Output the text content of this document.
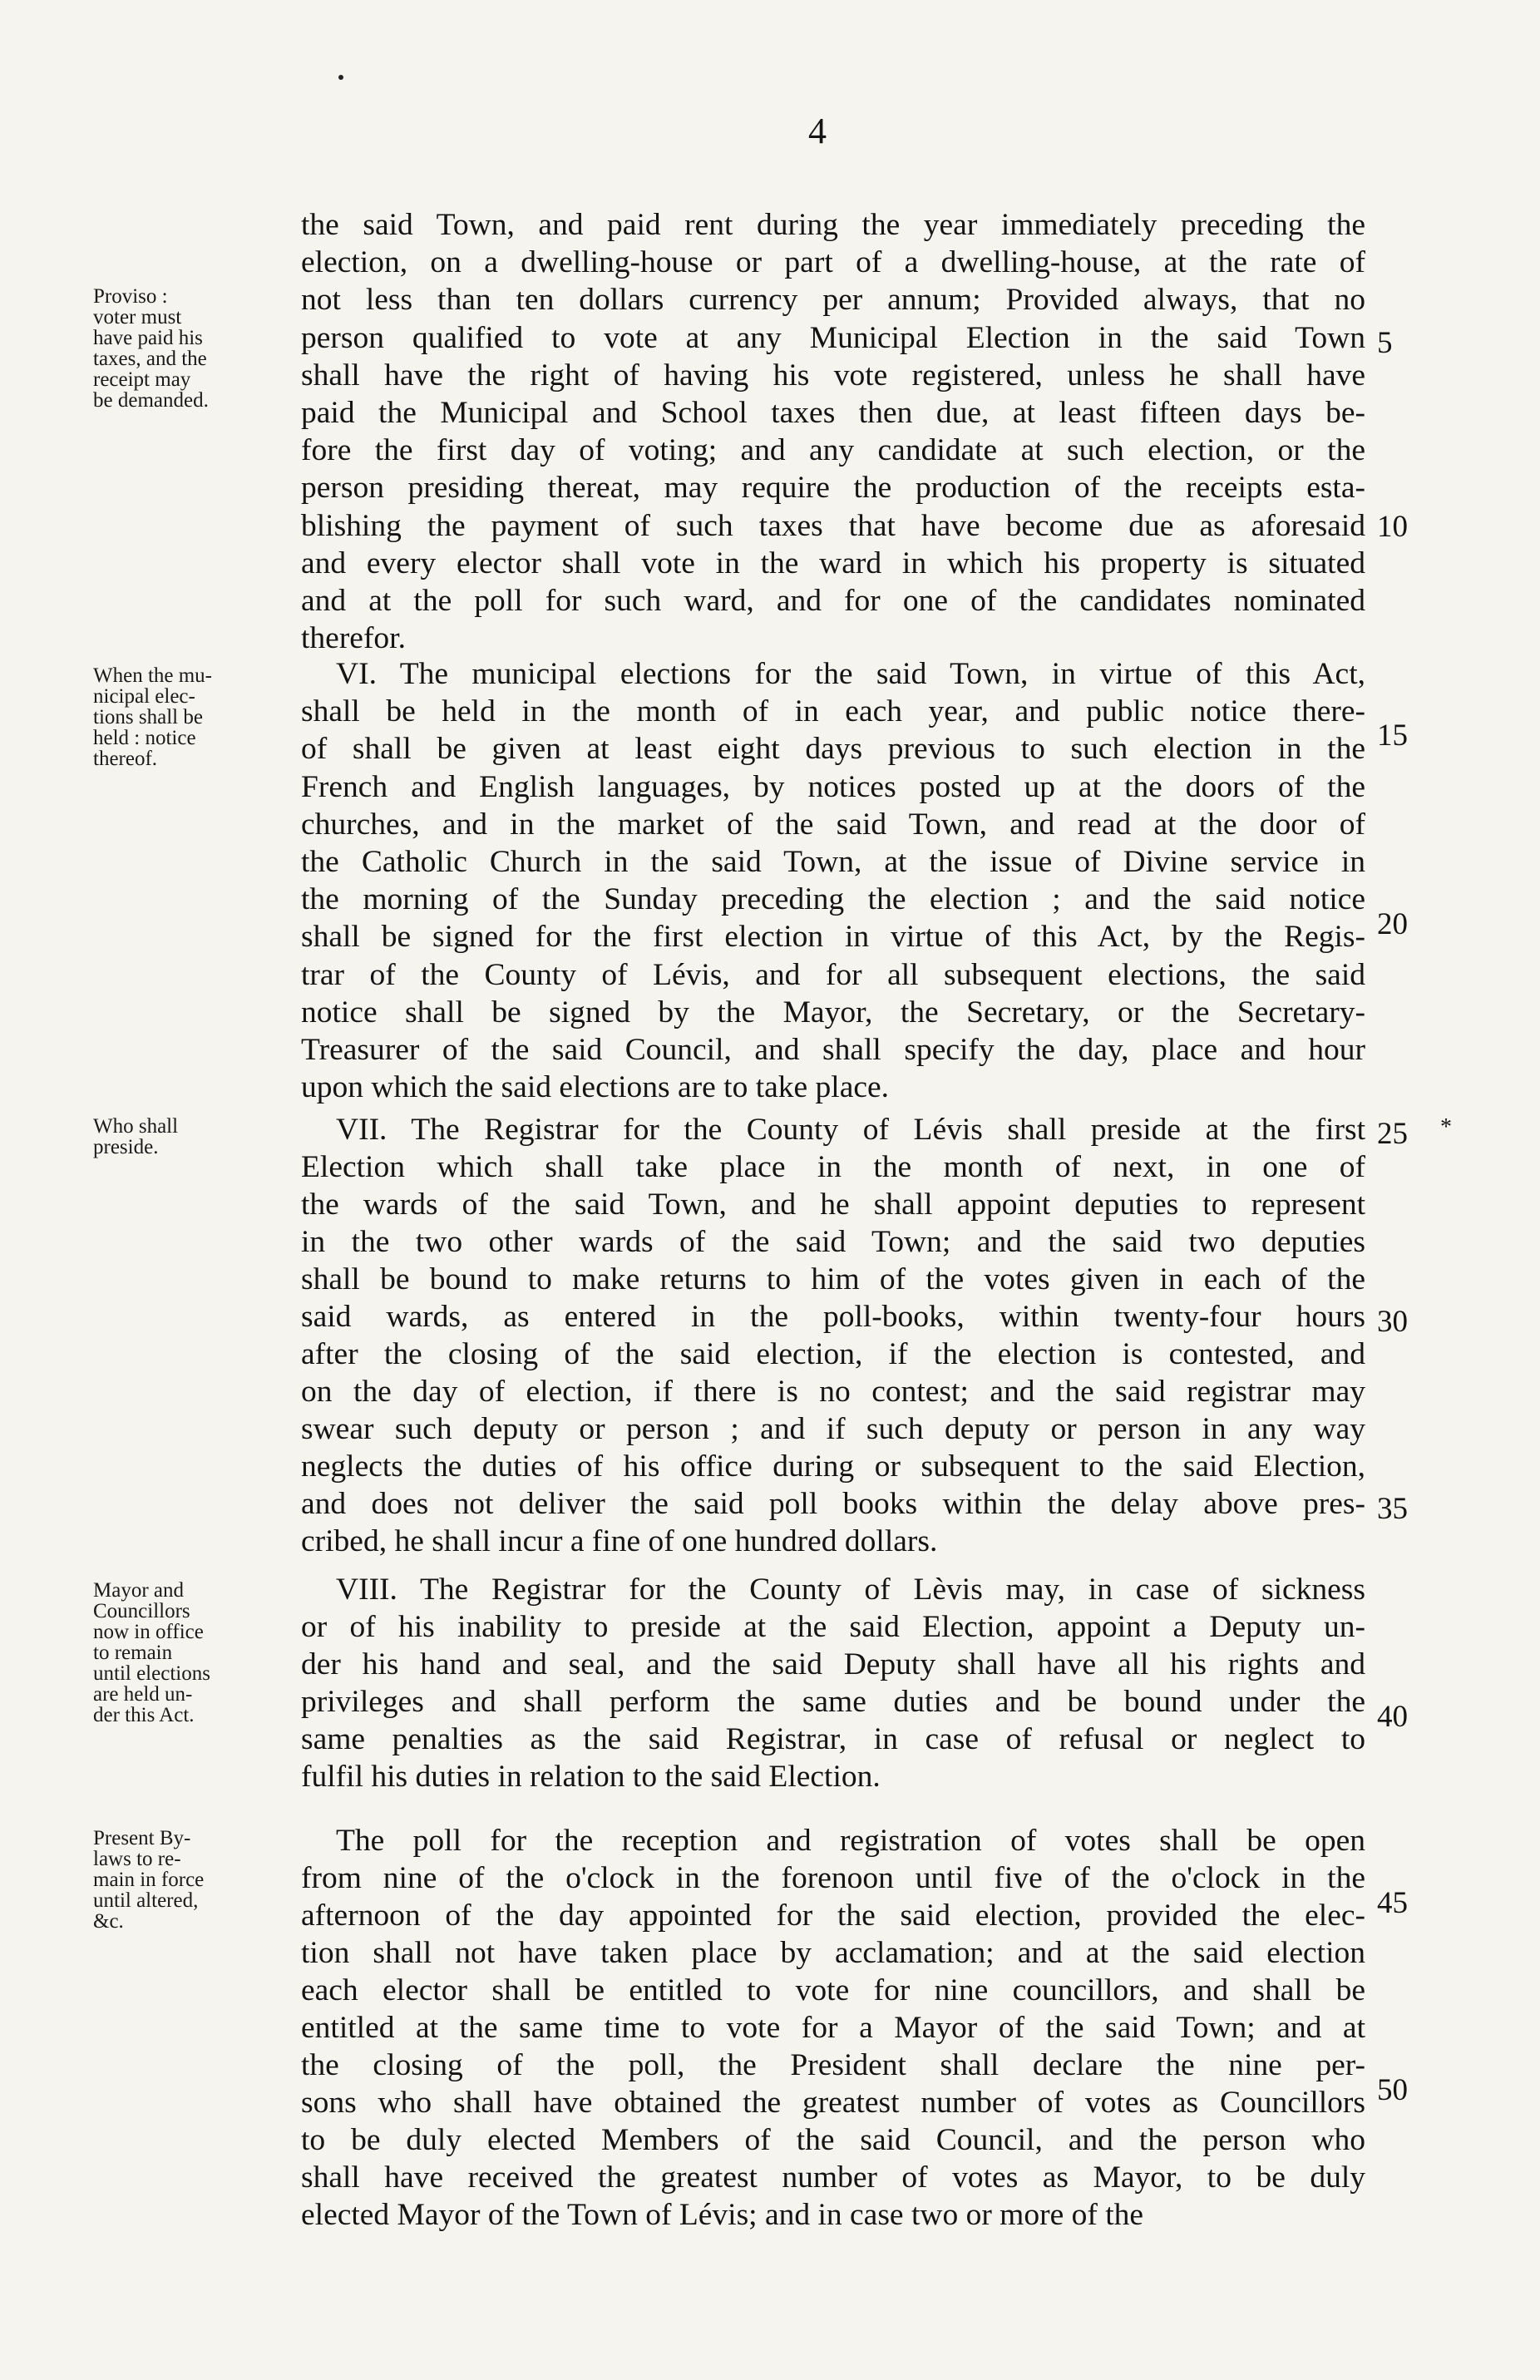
4
Proviso :
voter must
have paid his
taxes, and the
receipt may
be demanded.
When the mu-
nicipal elec-
tions shall be
held : notice
thereof.
Who shall
preside.
Mayor and
Councillors
now in office
to remain
until elections
are held un-
der this Act.
Present By-
laws to re-
main in force
until altered,
&c.
the said Town, and paid rent during the year immediately preceding the
election, on a dwelling-house or part of a dwelling-house, at the rate of
not less than ten dollars currency per annum; Provided always, that no
person qualified to vote at any Municipal Election in the said Town
shall have the right of having his vote registered, unless he shall have
paid the Municipal and School taxes then due, at least fifteen days be-
fore the first day of voting; and any candidate at such election, or the
person presiding thereat, may require the production of the receipts esta-
blishing the payment of such taxes that have become due as aforesaid
and every elector shall vote in the ward in which his property is situated
and at the poll for such ward, and for one of the candidates nominated
therefor.
VI. The municipal elections for the said Town, in virtue of this Act,
shall be held in the month of in each year, and public notice there-
of shall be given at least eight days previous to such election in the
French and English languages, by notices posted up at the doors of the
churches, and in the market of the said Town, and read at the door of
the Catholic Church in the said Town, at the issue of Divine service in
the morning of the Sunday preceding the election ; and the said notice
shall be signed for the first election in virtue of this Act, by the Regis-
trar of the County of Lévis, and for all subsequent elections, the said
notice shall be signed by the Mayor, the Secretary, or the Secretary-
Treasurer of the said Council, and shall specify the day, place and hour
upon which the said elections are to take place.
VII. The Registrar for the County of Lévis shall preside at the first
Election which shall take place in the month of next, in one of
the wards of the said Town, and he shall appoint deputies to represent
in the two other wards of the said Town; and the said two deputies
shall be bound to make returns to him of the votes given in each of the
said wards, as entered in the poll-books, within twenty-four hours
after the closing of the said election, if the election is contested, and
on the day of election, if there is no contest; and the said registrar may
swear such deputy or person ; and if such deputy or person in any way
neglects the duties of his office during or subsequent to the said Election,
and does not deliver the said poll books within the delay above pres-
cribed, he shall incur a fine of one hundred dollars.
VIII. The Registrar for the County of Lèvis may, in case of sickness
or of his inability to preside at the said Election, appoint a Deputy un-
der his hand and seal, and the said Deputy shall have all his rights and
privileges and shall perform the same duties and be bound under the
same penalties as the said Registrar, in case of refusal or neglect to
fulfil his duties in relation to the said Election.
The poll for the reception and registration of votes shall be open
from nine of the o'clock in the forenoon until five of the o'clock in the
afternoon of the day appointed for the said election, provided the elec-
tion shall not have taken place by acclamation; and at the said election
each elector shall be entitled to vote for nine councillors, and shall be
entitled at the same time to vote for a Mayor of the said Town; and at
the closing of the poll, the President shall declare the nine per-
sons who shall have obtained the greatest number of votes as Councillors
to be duly elected Members of the said Council, and the person who
shall have received the greatest number of votes as Mayor, to be duly
elected Mayor of the Town of Lévis; and in case two or more of the
5
10
15
20
25
30
35
40
45
50
*
